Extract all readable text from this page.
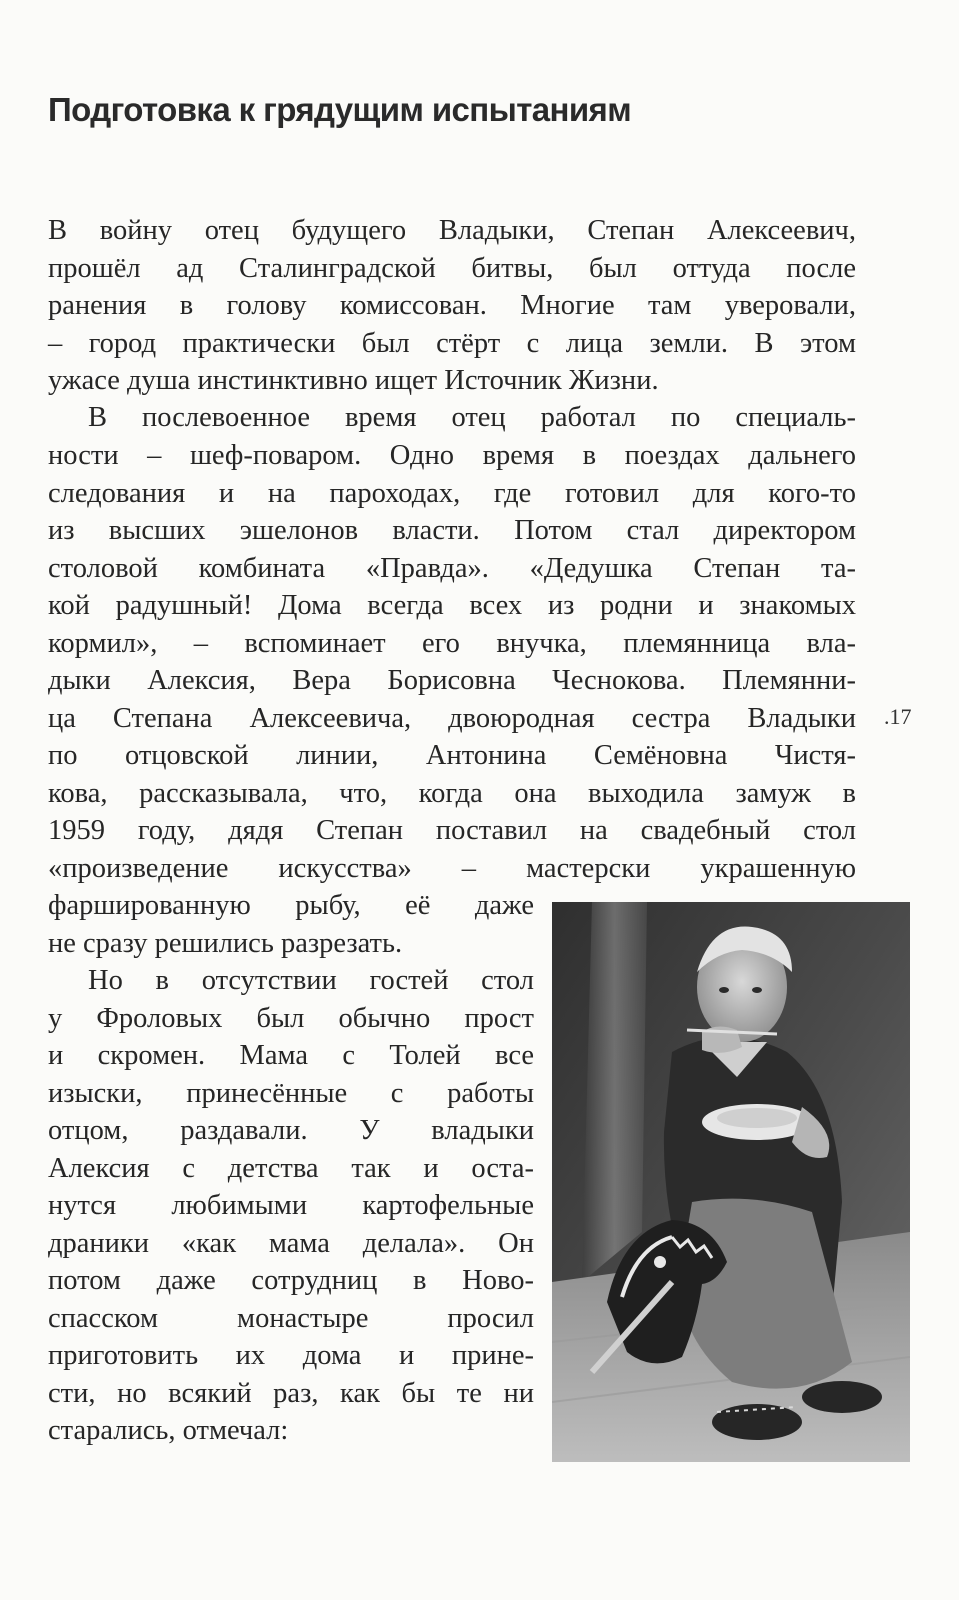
Подготовка к грядущим испытаниям
В войну отец будущего Владыки, Степан Алексеевич,
прошёл ад Сталинградской битвы, был оттуда после
ранения в голову комиссован. Многие там уверовали,
– город практически был стёрт с лица земли. В этом
ужасе душа инстинктивно ищет Источник Жизни.
В послевоенное время отец работал по специаль-
ности – шеф-поваром. Одно время в поездах дальнего
следования и на пароходах, где готовил для кого-то
из высших эшелонов власти. Потом стал директором
столовой комбината «Правда». «Дедушка Степан та-
кой радушный! Дома всегда всех из родни и знакомых
кормил», – вспоминает его внучка, племянница вла-
дыки Алексия, Вера Борисовна Чеснокова. Племянни-
ца Степана Алексеевича, двоюродная сестра Владыки
по отцовской линии, Антонина Семёновна Чистя-
кова, рассказывала, что, когда она выходила замуж в
1959 году, дядя Степан поставил на свадебный стол
«произведение искусства» – мастерски украшенную
фаршированную рыбу, её даже
не сразу решились разрезать.
Но в отсутствии гостей стол
у Фроловых был обычно прост
и скромен. Мама с Толей все
изыски, принесённые с работы
отцом, раздавали. У владыки
Алексия с детства так и оста-
нутся любимыми картофельные
драники «как мама делала». Он
потом даже сотрудниц в Ново-
спасском монастыре просил
приготовить их дома и прине-
сти, но всякий раз, как бы те ни
старались, отмечал:
.17
